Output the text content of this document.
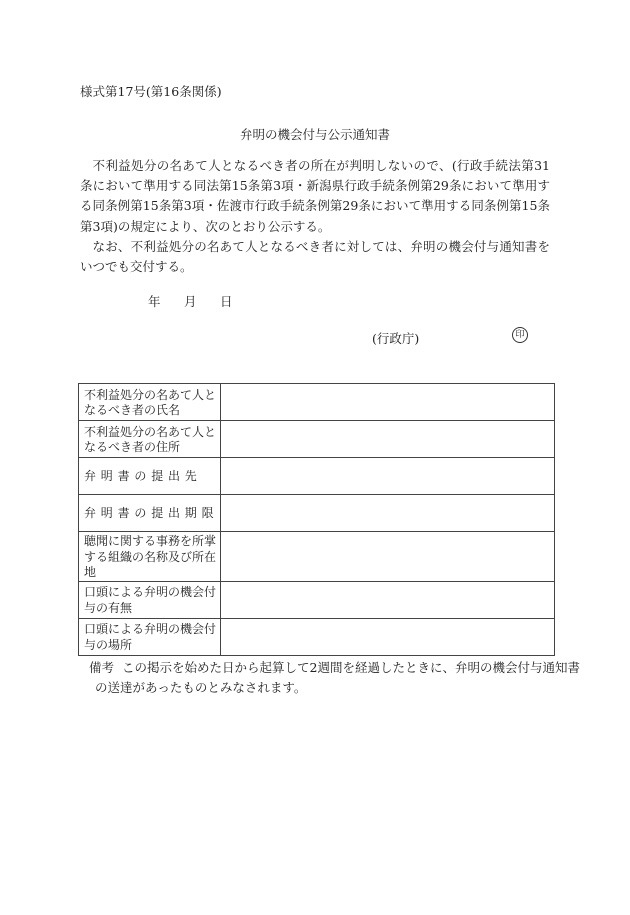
様式第17号(第16条関係)
弁明の機会付与公示通知書
不利益処分の名あて人となるべき者の所在が判明しないので、(行政手続法第31条において準用する同法第15条第3項・新潟県行政手続条例第29条において準用する同条例第15条第3項・佐渡市行政手続条例第29条において準用する同条例第15条第3項)の規定により、次のとおり公示する。
なお、不利益処分の名あて人となるべき者に対しては、弁明の機会付与通知書をいつでも交付する。
年 月 日
(行政庁)	印
不利益処分の名あて人となるべき者の氏名	
不利益処分の名あて人となるべき者の住所	
弁明書の提出先	
弁明書の提出期限	
聴聞に関する事務を所掌する組織の名称及び所在地	
口頭による弁明の機会付与の有無	
口頭による弁明の機会付与の場所	
備考 この掲示を始めた日から起算して2週間を経過したときに、弁明の機会付与通知書
の送達があったものとみなされます。
